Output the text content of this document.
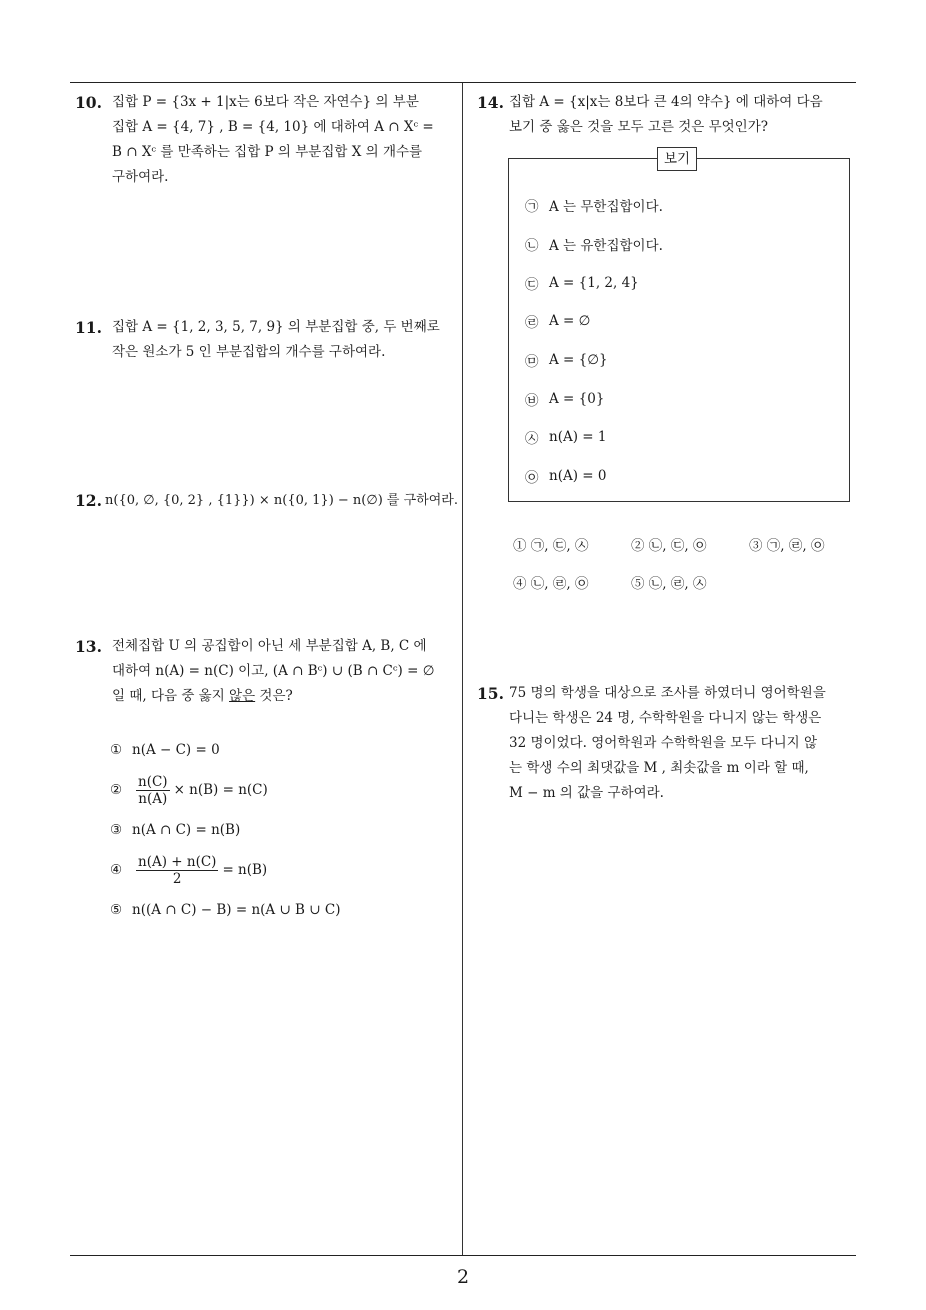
10. 집합 P = {3x + 1|x는 6보다 작은 자연수} 의 부분
집합 A = {4, 7} , B = {4, 10} 에 대하여 A ∩ Xᶜ =
B ∩ Xᶜ 를 만족하는 집합 P 의 부분집합 X 의 개수를
구하여라.
11. 집합 A = {1, 2, 3, 5, 7, 9} 의 부분집합 중, 두 번째로
작은 원소가 5 인 부분집합의 개수를 구하여라.
12. n({0, ∅, {0, 2} , {1}}) × n({0, 1}) − n(∅) 를 구하여라.
13. 전체집합 U 의 공집합이 아닌 세 부분집합 A, B, C 에
대하여 n(A) = n(C) 이고, (A ∩ Bᶜ) ∪ (B ∩ Cᶜ) = ∅
일 때, 다음 중 옳지 않은 것은?
① n(A − C) = 0
②	$\frac{n(C)}{n(A)} \times n(B) = n(C)$
③ n(A ∩ C) = n(B)
④	$\frac{n(A) + n(C)}{2} = n(B)$
⑤ n((A ∩ C) − B) = n(A ∪ B ∪ C)
14. 집합 A = {x|x는 8보다 큰 4의 약수} 에 대하여 다음
보기 중 옳은 것을 모두 고른 것은 무엇인가?
보기
㉠ A 는 무한집합이다.
㉡ A 는 유한집합이다.
㉢ A = {1, 2, 4}
㉣ A = ∅
㉤ A = {∅}
㉥ A = {0}
㉦ n(A) = 1
㉧ n(A) = 0
① ㉠, ㉢, ㉦	② ㉡, ㉢, ㉧	③ ㉠, ㉣, ㉧
④ ㉡, ㉣, ㉧	⑤ ㉡, ㉣, ㉦
15. 75 명의 학생을 대상으로 조사를 하였더니 영어학원을
다니는 학생은 24 명, 수학학원을 다니지 않는 학생은
32 명이었다. 영어학원과 수학학원을 모두 다니지 않
는 학생 수의 최댓값을 M , 최솟값을 m 이라 할 때,
M − m 의 값을 구하여라.
2
